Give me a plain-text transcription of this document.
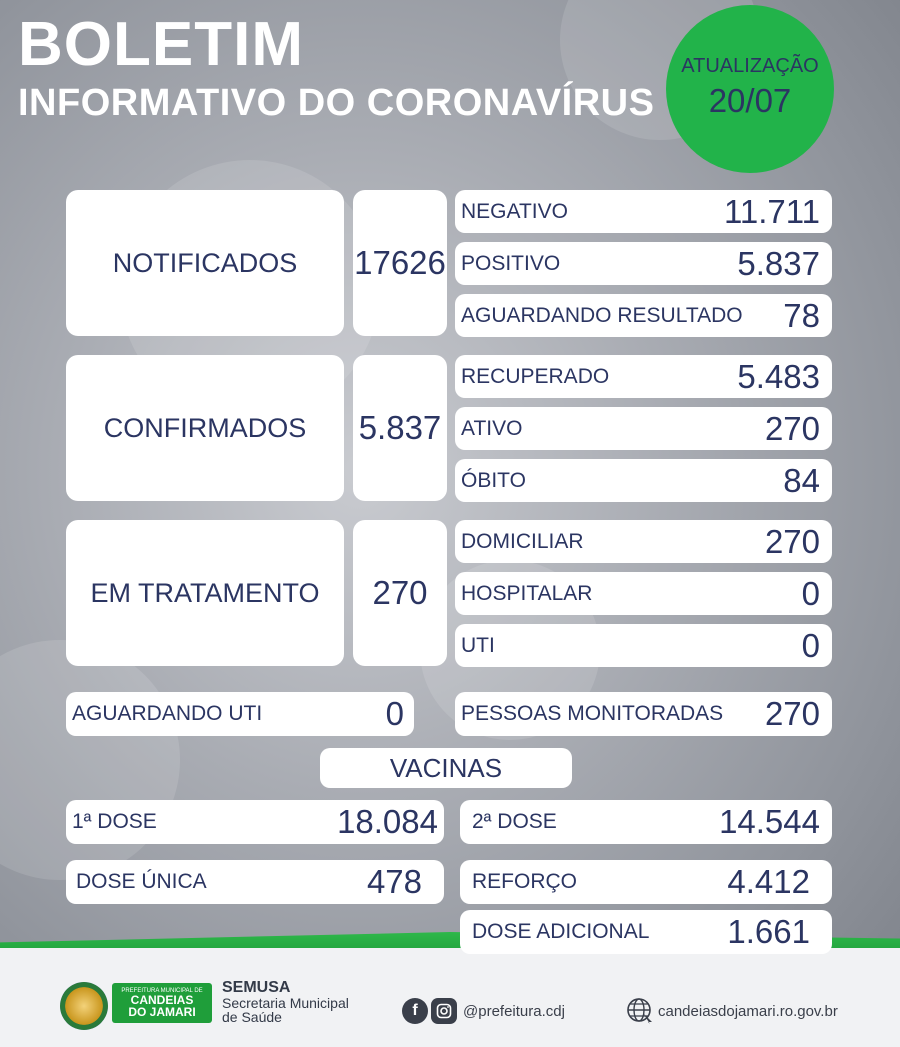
BOLETIM
INFORMATIVO DO CORONAVÍRUS
ATUALIZAÇÃO
20/07
NOTIFICADOS	17626
NEGATIVO	11.711
POSITIVO	5.837
AGUARDANDO RESULTADO 78
CONFIRMADOS	5.837
RECUPERADO	5.483
ATIVO	270
ÓBITO	84
EM TRATAMENTO	270
DOMICILIAR	270
HOSPITALAR	0
UTI	0
AGUARDANDO UTI	0	PESSOAS MONITORADAS 270
VACINAS
1ª DOSE	18.084 2ª DOSE	14.544
DOSE ÚNICA	478 REFORÇO	4.412
DOSE ADICIONAL 1.661
PREFEITURA MUNICIPAL DE
CANDEIAS
DO JAMARI
SEMUSA
Secretaria Municipal
de Saúde	f	@prefeitura.cdj	candeiasdojamari.ro.gov.br
